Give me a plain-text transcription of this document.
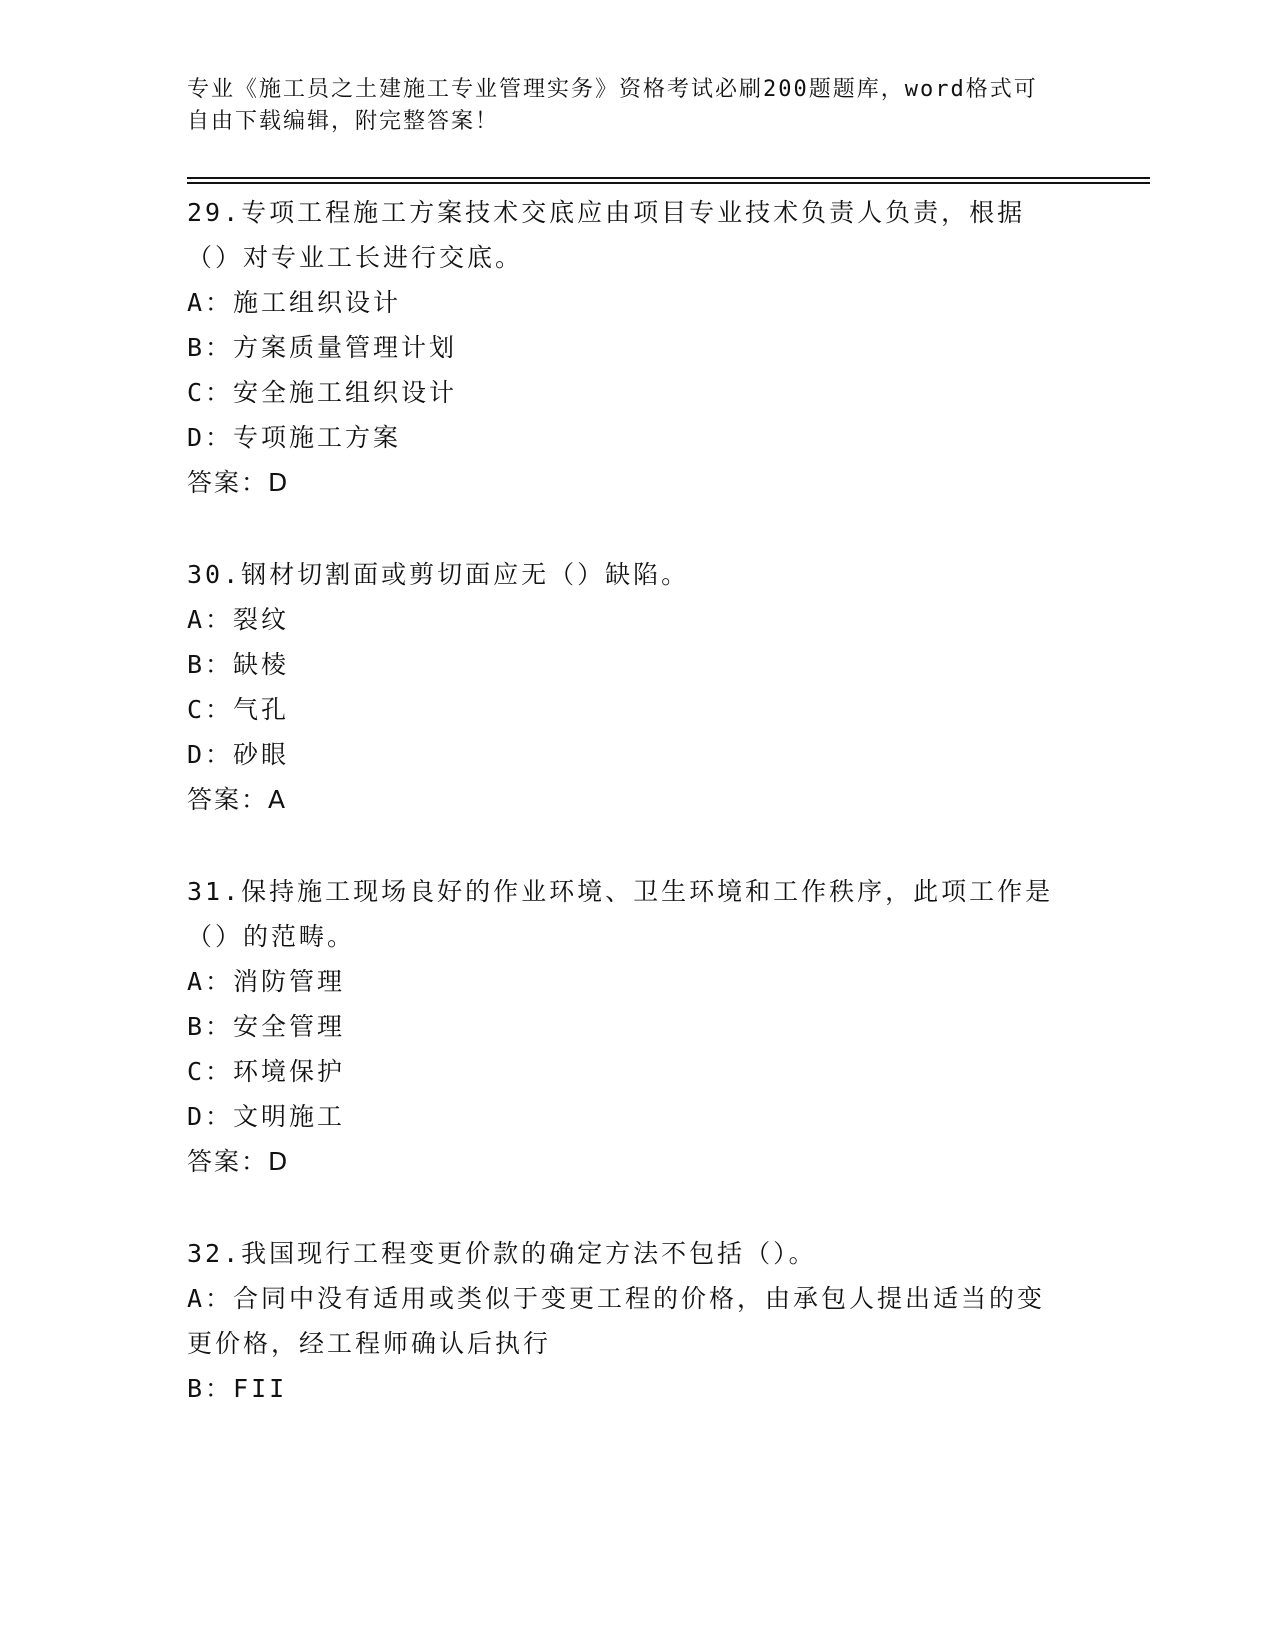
专业《施工员之土建施工专业管理实务》资格考试必刷200题题库，word格式可
自由下载编辑，附完整答案！
29.专项工程施工方案技术交底应由项目专业技术负责人负责，根据（）对专业工长进行交底。
A：施工组织设计
B：方案质量管理计划
C：安全施工组织设计
D：专项施工方案
答案：D
30.钢材切割面或剪切面应无（）缺陷。
A：裂纹
B：缺棱
C：气孔
D：砂眼
答案：A
31.保持施工现场良好的作业环境、卫生环境和工作秩序，此项工作是（）的范畴。
A：消防管理
B：安全管理
C：环境保护
D：文明施工
答案：D
32.我国现行工程变更价款的确定方法不包括（）。
A：合同中没有适用或类似于变更工程的价格，由承包人提出适当的变更价格，经工程师确认后执行
B：FII
